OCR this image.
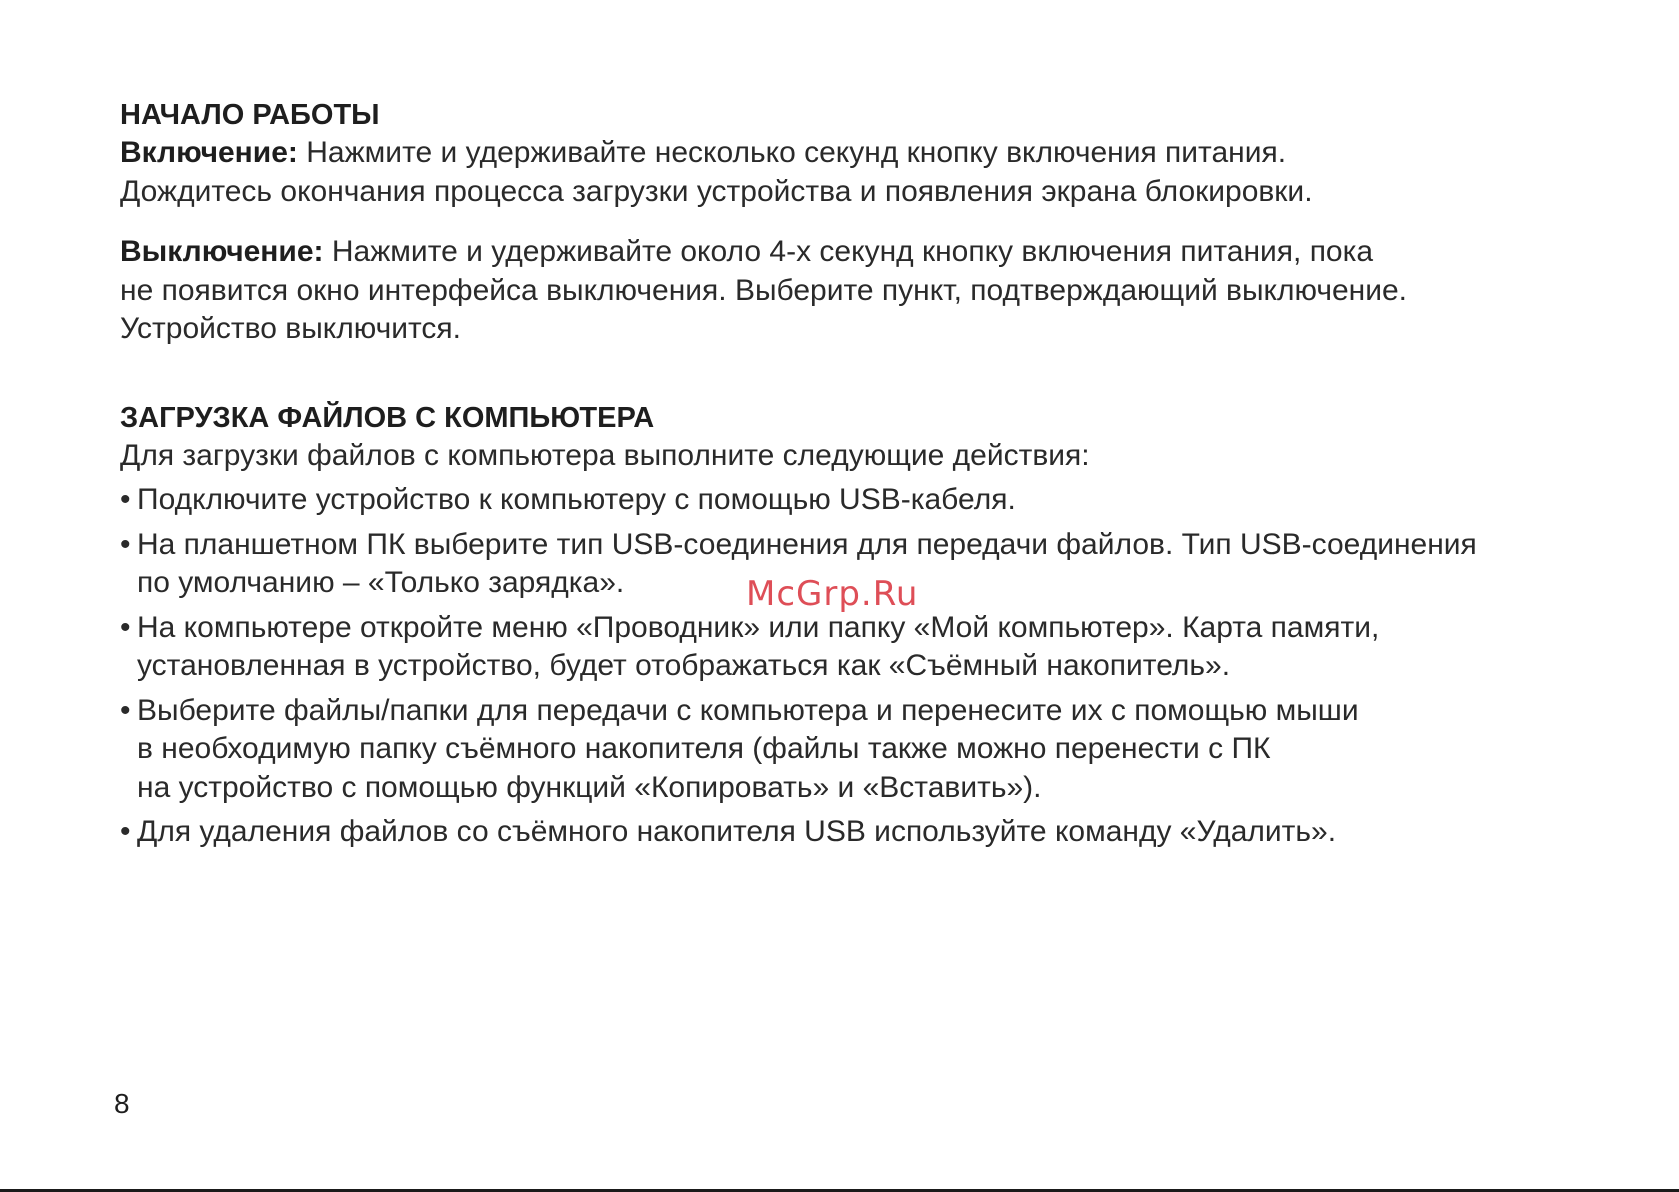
НАЧАЛО РАБОТЫ
Включение: Нажмите и удерживайте несколько секунд кнопку включения питания.
Дождитесь окончания процесса загрузки устройства и появления экрана блокировки.
Выключение: Нажмите и удерживайте около 4-х секунд кнопку включения питания, пока
не появится окно интерфейса выключения. Выберите пункт, подтверждающий выключение.
Устройство выключится.
ЗАГРУЗКА ФАЙЛОВ С КОМПЬЮТЕРА
Для загрузки файлов с компьютера выполните следующие действия:
• Подключите устройство к компьютеру с помощью USB-кабеля.
• На планшетном ПК выберите тип USB-соединения для передачи файлов. Тип USB-соединения
по умолчанию – «Только зарядка».
• На компьютере откройте меню «Проводник» или папку «Мой компьютер». Карта памяти,
установленная в устройство, будет отображаться как «Съёмный накопитель».
• Выберите файлы/папки для передачи с компьютера и перенесите их с помощью мыши
в необходимую папку съёмного накопителя (файлы также можно перенести с ПК
на устройство с помощью функций «Копировать» и «Вставить»).
• Для удаления файлов со съёмного накопителя USB используйте команду «Удалить».
McGrp.Ru
8
